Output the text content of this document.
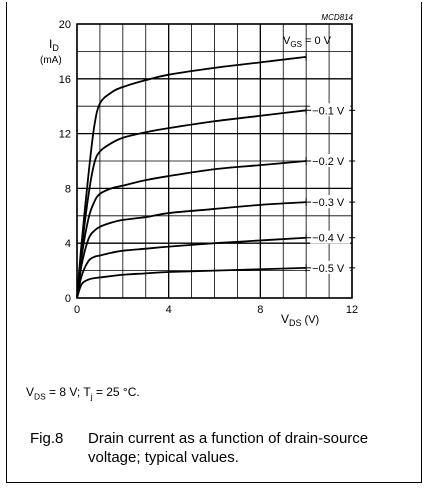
0	4	8	12
0
4
8
12
16
20
−0.1 V
−0.2 V
−0.3 V
−0.4 V
−0.5 V
MCD814
$I_D$
(mA)
$V_{DS}$ (V)
$V_{GS} = 0$ V
$V_{DS} = 8$ V; $T_j = 25$ °C.
Fig.8 Drain current as a function of drain-source
voltage; typical values.
